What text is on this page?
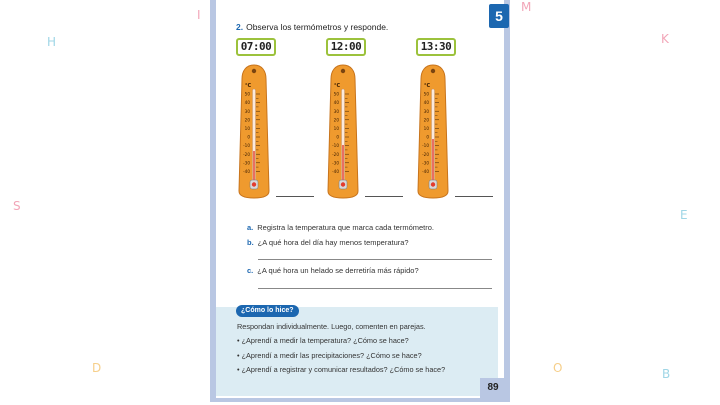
I
M
H	K
S
E
D	O	B
5
2. Observa los termómetros y responde.
07:00	12:00	13:30
°C
50
40
30
20
10
0
-10
-20
-30
-40
°C
50
40
30
20
10
0
-10
-20
-30
-40
°C
50
40
30
20
10
0
-10
-20
-30
-40
a. Registra la temperatura que marca cada termómetro.
b. ¿A qué hora del día hay menos temperatura?
c. ¿A qué hora un helado se derretiría más rápido?
¿Cómo lo hice?
Respondan individualmente. Luego, comenten en parejas.
• ¿Aprendí a medir la temperatura? ¿Cómo se hace?
• ¿Aprendí a medir las precipitaciones? ¿Cómo se hace?
• ¿Aprendí a registrar y comunicar resultados? ¿Cómo se hace?
89
